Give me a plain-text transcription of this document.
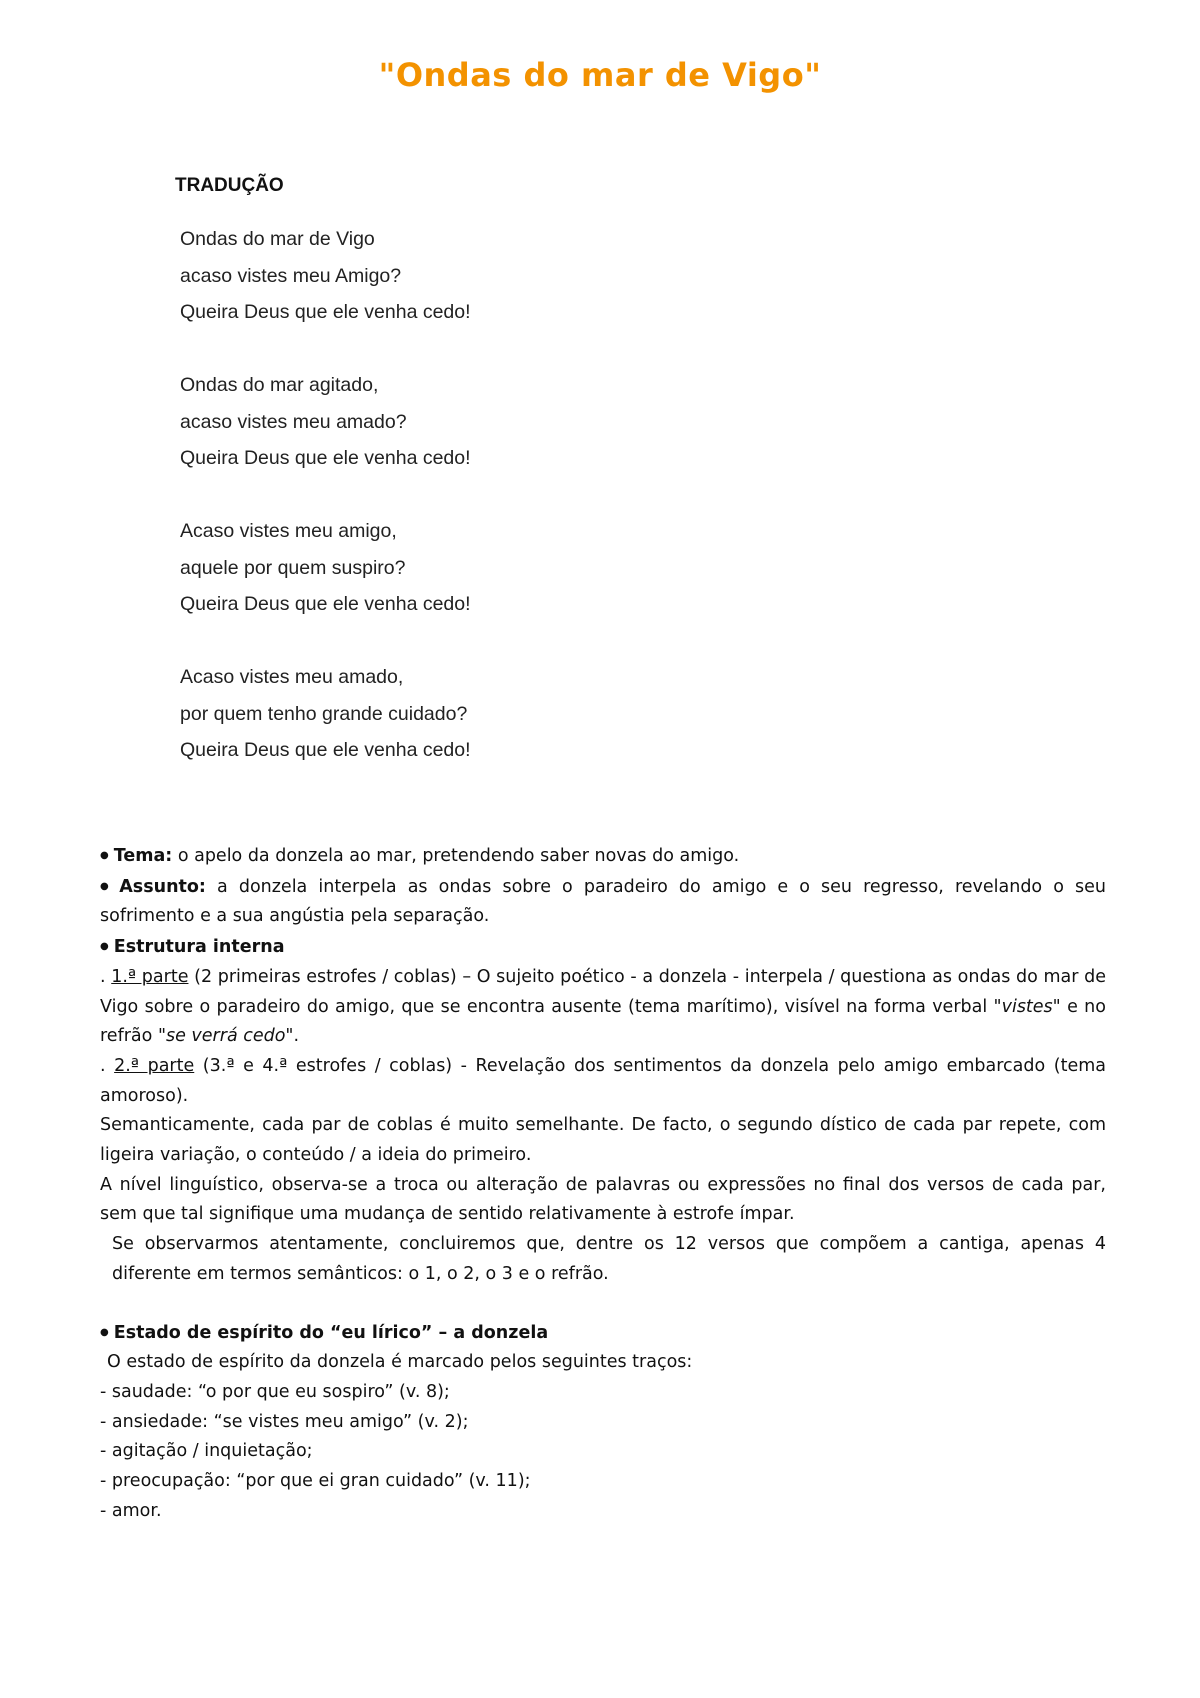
"Ondas do mar de Vigo"
TRADUÇÃO
Ondas do mar de Vigo
acaso vistes meu Amigo?
Queira Deus que ele venha cedo!
Ondas do mar agitado,
acaso vistes meu amado?
Queira Deus que ele venha cedo!
Acaso vistes meu amigo,
aquele por quem suspiro?
Queira Deus que ele venha cedo!
Acaso vistes meu amado,
por quem tenho grande cuidado?
Queira Deus que ele venha cedo!

● Tema: o apelo da donzela ao mar, pretendendo saber novas do amigo.

● Assunto: a donzela interpela as ondas sobre o paradeiro do amigo e o seu regresso, revelando o seu sofrimento e a sua angústia pela separação.

● Estrutura interna

. 1.ª parte (2 primeiras estrofes / coblas) – O sujeito poético - a donzela - interpela / questiona as ondas do mar de Vigo sobre o paradeiro do amigo, que se encontra ausente (tema marítimo), visível na forma verbal "vistes" e no refrão "se verrá cedo".

. 2.ª parte (3.ª e 4.ª estrofes / coblas) - Revelação dos sentimentos da donzela pelo amigo embarcado (tema amoroso).

Semanticamente, cada par de coblas é muito semelhante. De facto, o segundo dístico de cada par repete, com ligeira variação, o conteúdo / a ideia do primeiro.

A nível linguístico, observa-se a troca ou alteração de palavras ou expressões no final dos versos de cada par, sem que tal signifique uma mudança de sentido relativamente à estrofe ímpar.

Se observarmos atentamente, concluiremos que, dentre os 12 versos que compõem a cantiga, apenas 4 diferente em termos semânticos: o 1, o 2, o 3 e o refrão.

● Estado de espírito do “eu lírico” – a donzela

O estado de espírito da donzela é marcado pelos seguintes traços:

- saudade: “o por que eu sospiro” (v. 8);

- ansiedade: “se vistes meu amigo” (v. 2);

- agitação / inquietação;

- preocupação: “por que ei gran cuidado” (v. 11);

- amor.
